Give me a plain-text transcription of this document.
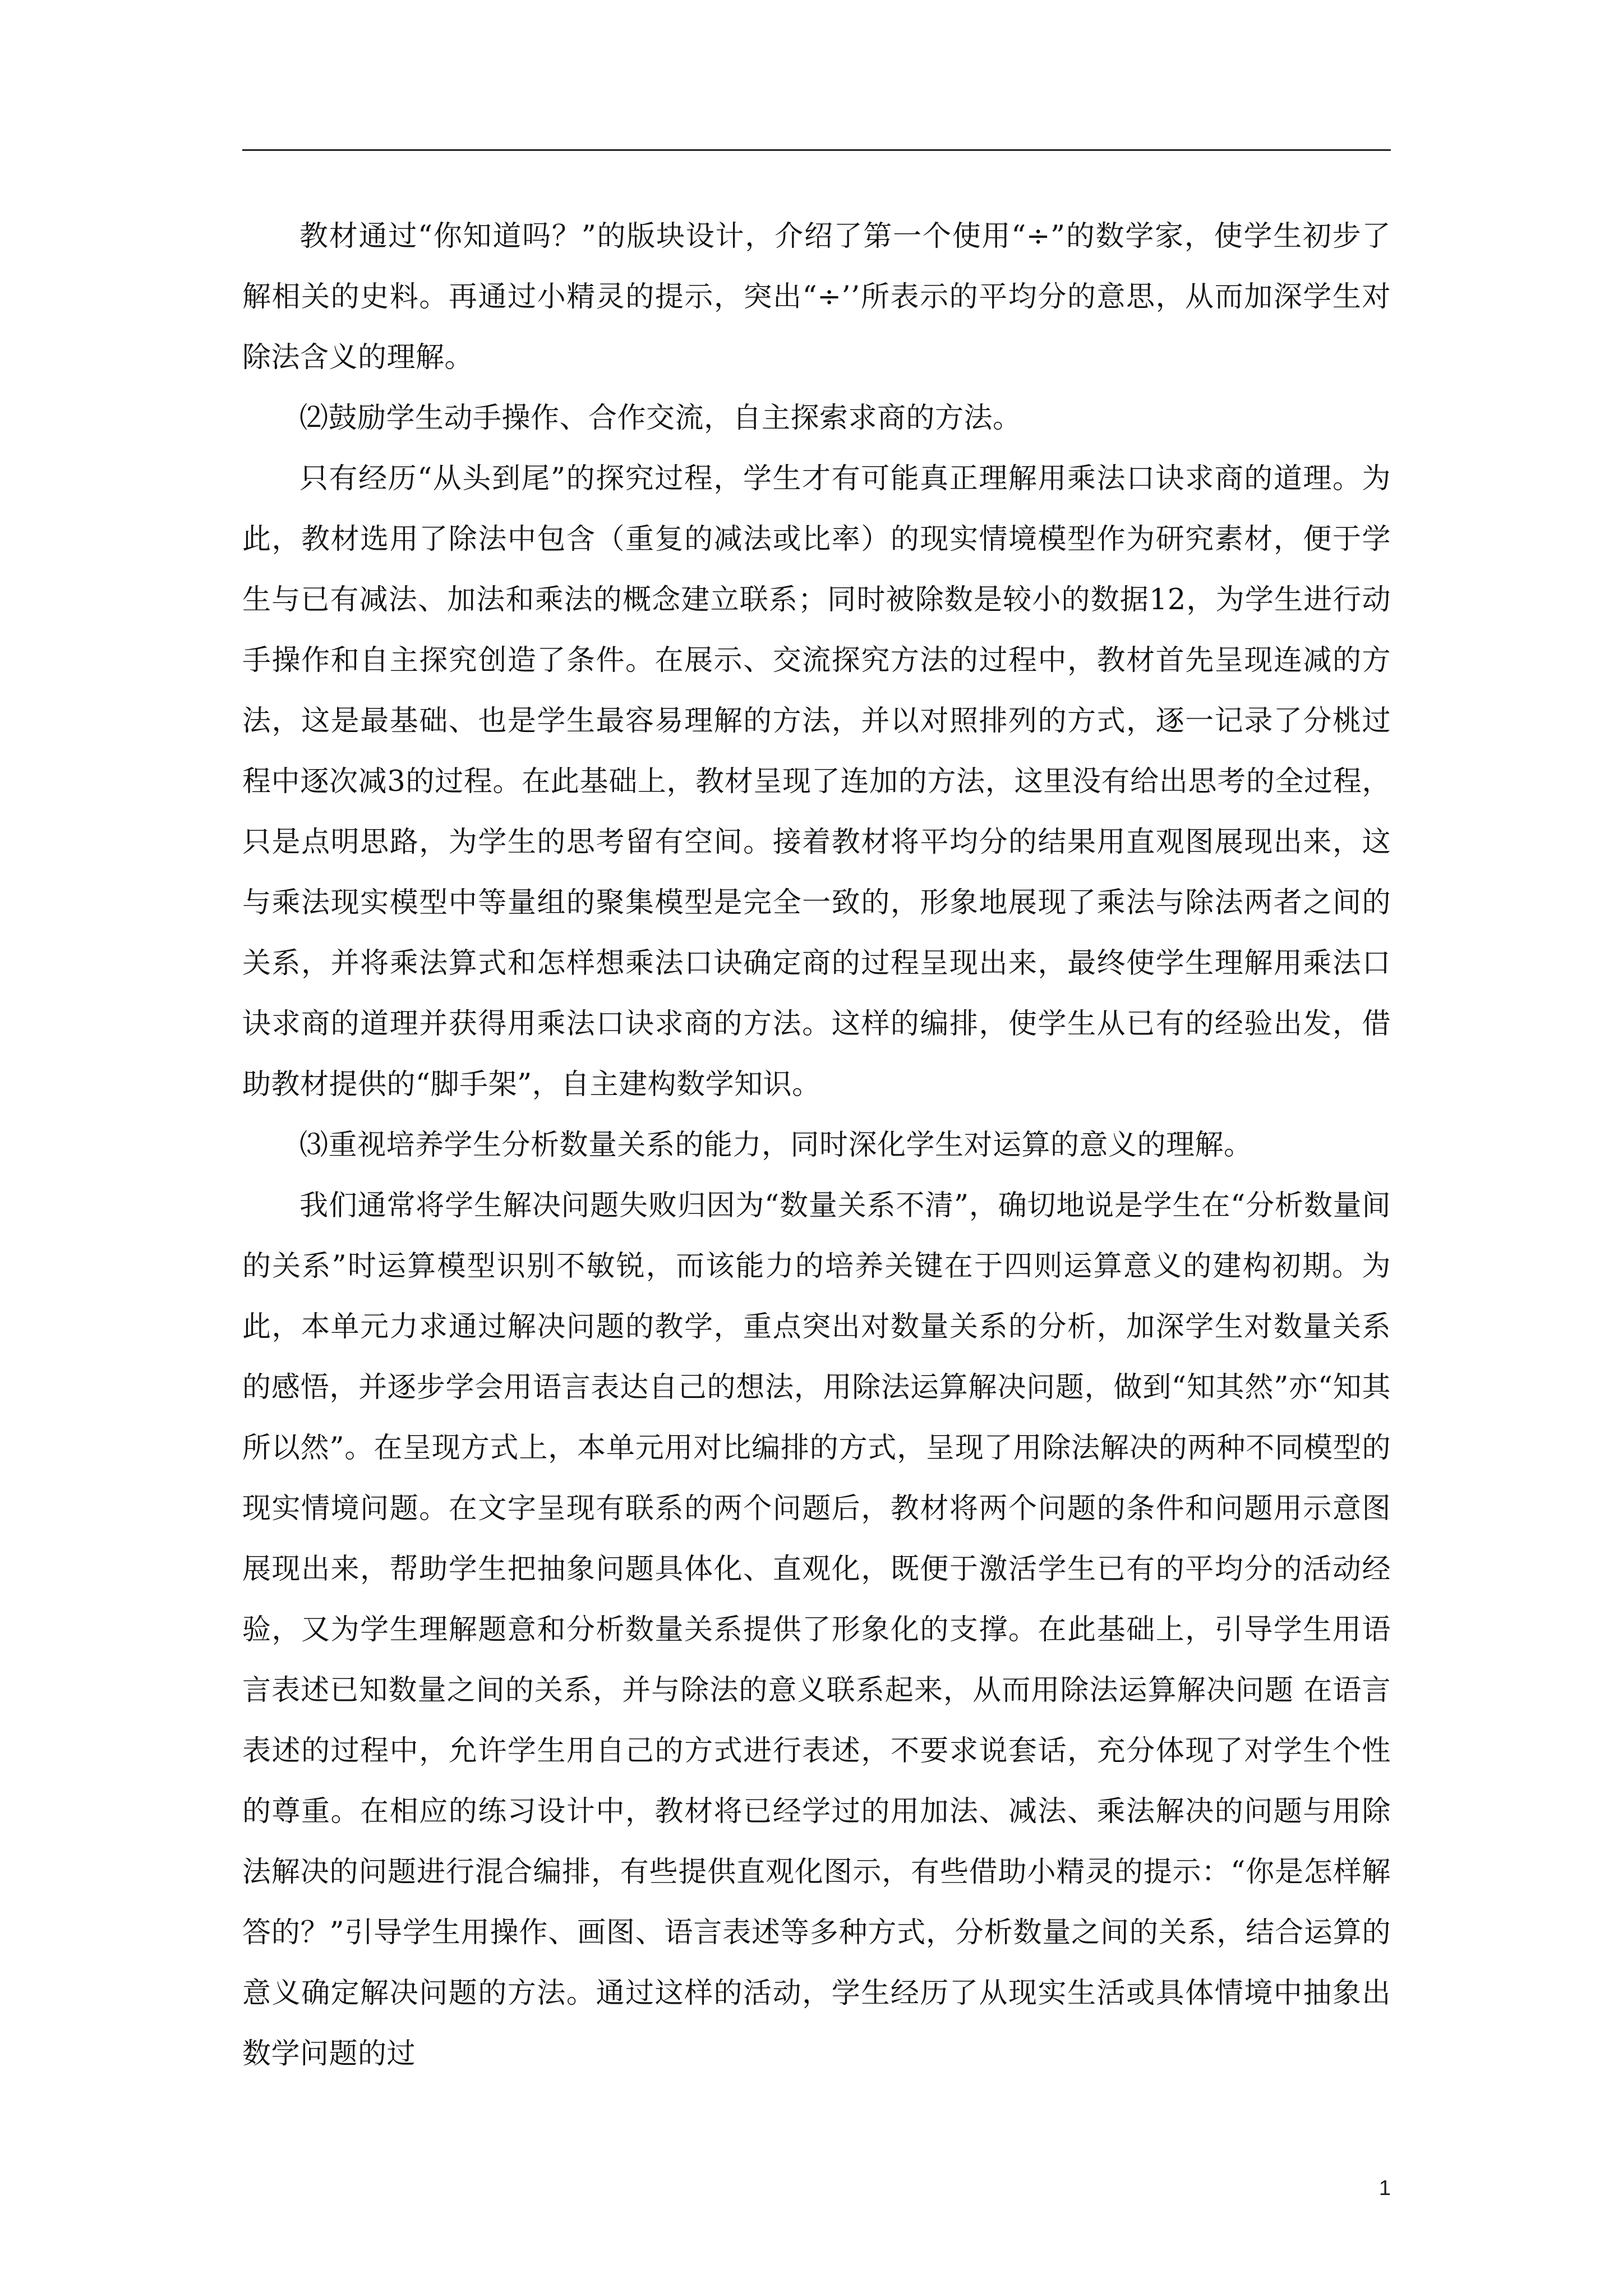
教材通过“你知道吗？”的版块设计，介绍了第一个使用“÷”的数学家，使学生初步了解相关的史料。再通过小精灵的提示，突出“÷’’所表示的平均分的意思，从而加深学生对除法含义的理解。

⑵鼓励学生动手操作、合作交流，自主探索求商的方法。

只有经历“从头到尾”的探究过程，学生才有可能真正理解用乘法口诀求商的道理。为此，教材选用了除法中包含（重复的减法或比率）的现实情境模型作为研究素材，便于学生与已有减法、加法和乘法的概念建立联系；同时被除数是较小的数据12，为学生进行动手操作和自主探究创造了条件。在展示、交流探究方法的过程中，教材首先呈现连减的方法，这是最基础、也是学生最容易理解的方法，并以对照排列的方式，逐一记录了分桃过程中逐次减3的过程。在此基础上，教材呈现了连加的方法，这里没有给出思考的全过程，只是点明思路，为学生的思考留有空间。接着教材将平均分的结果用直观图展现出来，这与乘法现实模型中等量组的聚集模型是完全一致的，形象地展现了乘法与除法两者之间的关系，并将乘法算式和怎样想乘法口诀确定商的过程呈现出来，最终使学生理解用乘法口诀求商的道理并获得用乘法口诀求商的方法。这样的编排，使学生从已有的经验出发，借助教材提供的“脚手架”，自主建构数学知识。

⑶重视培养学生分析数量关系的能力，同时深化学生对运算的意义的理解。

我们通常将学生解决问题失败归因为“数量关系不清”，确切地说是学生在“分析数量间的关系”时运算模型识别不敏锐，而该能力的培养关键在于四则运算意义的建构初期。为此，本单元力求通过解决问题的教学，重点突出对数量关系的分析，加深学生对数量关系的感悟，并逐步学会用语言表达自己的想法，用除法运算解决问题，做到“知其然”亦“知其所以然”。在呈现方式上，本单元用对比编排的方式，呈现了用除法解决的两种不同模型的现实情境问题。在文字呈现有联系的两个问题后，教材将两个问题的条件和问题用示意图展现出来，帮助学生把抽象问题具体化、直观化，既便于激活学生已有的平均分的活动经验，又为学生理解题意和分析数量关系提供了形象化的支撑。在此基础上，引导学生用语言表述已知数量之间的关系，并与除法的意义联系起来，从而用除法运算解决问题 在语言表述的过程中，允许学生用自己的方式进行表述，不要求说套话，充分体现了对学生个性的尊重。在相应的练习设计中，教材将已经学过的用加法、减法、乘法解决的问题与用除法解决的问题进行混合编排，有些提供直观化图示，有些借助小精灵的提示：“你是怎样解答的？”引导学生用操作、画图、语言表述等多种方式，分析数量之间的关系，结合运算的意义确定解决问题的方法。通过这样的活动，学生经历了从现实生活或具体情境中抽象出数学问题的过

1
